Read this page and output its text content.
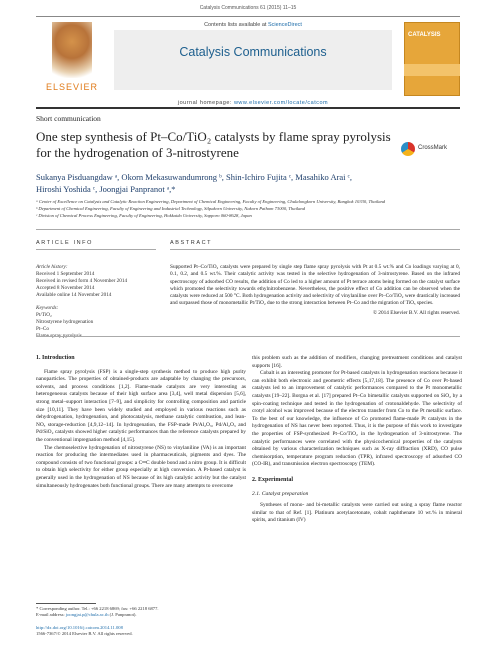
Catalysis Communications 61 (2015) 11–15
ELSEVIER
Contents lists available at ScienceDirect
Catalysis Communications
journal homepage: www.elsevier.com/locate/catcom
CATALYSIS
Short communication
One step synthesis of Pt–Co/TiO₂ catalysts by flame spray pyrolysis for the hydrogenation of 3-nitrostyrene	CrossMark
Sukanya Pisduangdaw ᵃ, Okorn Mekasuwandumrong ᵇ, Shin-Ichiro Fujita ᶜ, Masahiko Arai ᶜ,
Hiroshi Yoshida ᶜ, Joongjai Panpranot ᵃ,*
ᵃ Center of Excellence on Catalysis and Catalytic Reaction Engineering, Department of Chemical Engineering, Faculty of Engineering, Chulalongkorn University, Bangkok 10330, Thailand
ᵇ Department of Chemical Engineering, Faculty of Engineering and Industrial Technology, Silpakorn University, Nakorn Pathom 73000, Thailand
ᶜ Division of Chemical Process Engineering, Faculty of Engineering, Hokkaido University, Sapporo 060-8628, Japan
ARTICLE INFO
Article history:
Received 1 September 2014
Received in revised form 4 November 2014
Accepted 8 November 2014
Available online 14 November 2014
Keywords:
Pt/TiO₂
Nitrostyrene hydrogenation
Pt–Co
ABSTRACT
Supported Pt–Co/TiO₂ catalysts were prepared by single step flame spray pyrolysis with Pt at 0.5 wt.% and Co loadings varying at 0, 0.1, 0.2, and 0.5 wt.%. Their catalytic activity was tested in the selective hydrogenation of 3-nitrostyrene. Based on the infrared spectroscopy of adsorbed CO results, the addition of Co led to a higher amount of Pt terrace atoms being formed on the catalyst surface which promoted the selectivity towards ethylnitrobenzene. Nevertheless, the positive effect of Co addition can be observed when the catalysts were reduced at 500 °C. Both hydrogenation activity and selectivity of vinylaniline over Pt–Co/TiO₂ were drastically increased and surpassed those of monometallic Pt/TiO₂ due to the strong interaction between Pt–Co and the migration of TiOₓ species.
© 2014 Elsevier B.V. All rights reserved.
1. Introduction

Flame spray pyrolysis (FSP) is a single-step synthesis method to produce high purity nanoparticles. The properties of obtained-products are adaptable by changing the precursors, solvents, and process conditions [1,2]. Flame-made catalysts are very interesting as heterogeneous catalysts because of their high surface area [3,4], well metal dispersion [5,6], strong metal–support interaction [7–9], and simplicity for controlling composition and particle size [10,11]. They have been widely studied and employed in various reactions such as dehydrogenation, hydrogenation, and photocatalysis, methane catalytic combustion, and lean-NOₓ storage-reduction [4,9,12–14]. In hydrogenation, the FSP-made Pt/Al₂O₃, Pd/Al₂O₃ and Pd/SiO₂ catalysts showed higher catalytic performances than the reference catalysts prepared by the conventional impregnation method [4,15].

The chemoselective hydrogenation of nitrostyrene (NS) to vinylaniline (VA) is an important reaction for producing the intermediates used in pharmaceuticals, pigments and dyes. The compound consists of two functional groups: a C═C double bond and a nitro group. It is difficult to obtain high selectivity for either group especially at high conversion. A Pt-based catalyst is generally used in the hydrogenation of NS because of its high catalytic activity but the catalyst simultaneously hydrogenates both functional groups. There are many attempts to overcome

this problem such as the addition of modifiers, changing pretreatment conditions and catalyst supports [16].

Cobalt is an interesting promoter for Pt-based catalysts in hydrogenation reactions because it can exhibit both electronic and geometric effects [5,17,18]. The presence of Co over Pt-based catalysts led to an improvement of catalytic performances compared to the Pt monometallic catalysts [19–22]. Borgna et al. [17] prepared Pt–Co bimetallic catalysts supported on SiO₂ by a spin-coating technique and tested in the hydrogenation of crotonaldehyde. The selectivity of crotyl alcohol was improved because of the electron transfer from Co to the Pt metallic surface. To the best of our knowledge, the influence of Co promoted flame-made Pt catalysts in the hydrogenation of NS has never been reported. Thus, it is the purpose of this work to investigate the properties of FSP-synthesized Pt–Co/TiO₂ in the hydrogenation of 3-nitrostyrene. The catalytic performances were correlated with the physicochemical properties of the catalysts obtained by various characterization techniques such as X-ray diffraction (XRD), CO pulse chemisorption, temperature program reduction (TPR), infrared spectroscopy of adsorbed CO (CO-IR), and transmission electron spectroscopy (TEM).

2. Experimental
2.1. Catalyst preparation

Syntheses of mono- and bi-metallic catalysts were carried out using a spray flame reactor similar to that of Ref. [1]. Platinum acetylacetonate, cobalt naphthenate 10 wt.% in mineral spirits, and titanium (IV)

* Corresponding author. Tel.: +66 2218 6869; fax: +66 2218 6877.
E-mail address: joongjai.p@chula.ac.th (J. Panpranot).
http://dx.doi.org/10.1016/j.catcom.2014.11.008
1566-7367/© 2014 Elsevier B.V. All rights reserved.
